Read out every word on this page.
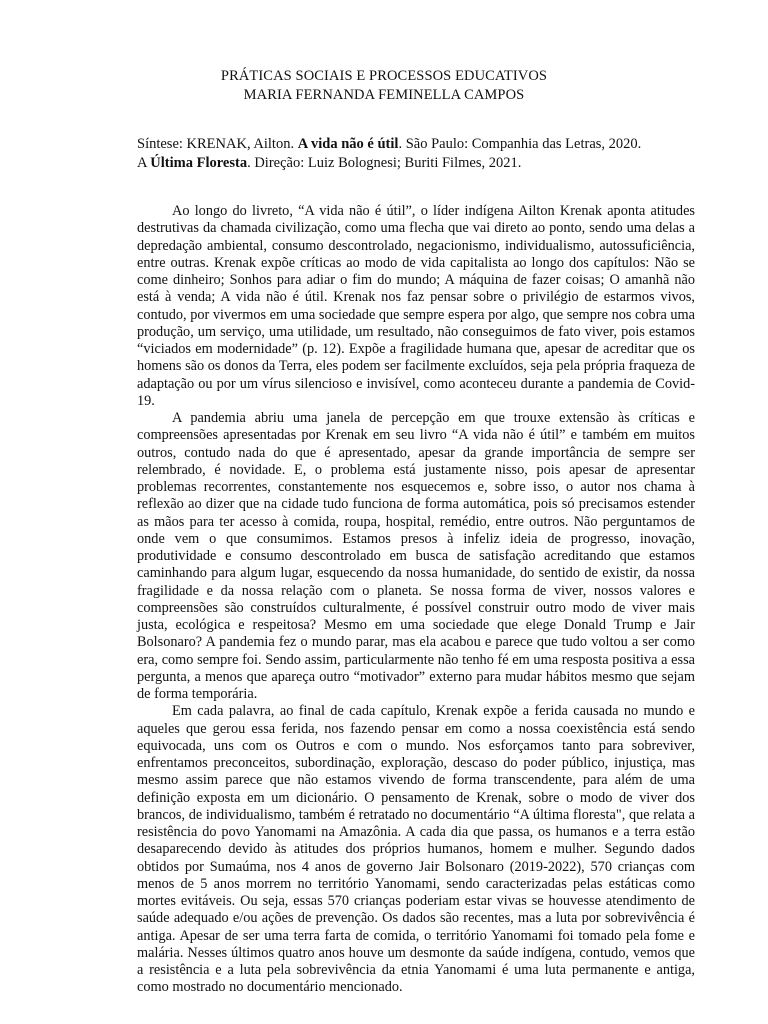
PRÁTICAS SOCIAIS E PROCESSOS EDUCATIVOS
MARIA FERNANDA FEMINELLA CAMPOS
Síntese: KRENAK, Ailton. A vida não é útil. São Paulo: Companhia das Letras, 2020.
A Última Floresta. Direção: Luiz Bolognesi; Buriti Filmes, 2021.

Ao longo do livreto, “A vida não é útil”, o líder indígena Ailton Krenak aponta atitudes destrutivas da chamada civilização, como uma flecha que vai direto ao ponto, sendo uma delas a depredação ambiental, consumo descontrolado, negacionismo, individualismo, autossuficiência, entre outras. Krenak expõe críticas ao modo de vida capitalista ao longo dos capítulos: Não se come dinheiro; Sonhos para adiar o fim do mundo; A máquina de fazer coisas; O amanhã não está à venda; A vida não é útil. Krenak nos faz pensar sobre o privilégio de estarmos vivos, contudo, por vivermos em uma sociedade que sempre espera por algo, que sempre nos cobra uma produção, um serviço, uma utilidade, um resultado, não conseguimos de fato viver, pois estamos “viciados em modernidade” (p. 12). Expõe a fragilidade humana que, apesar de acreditar que os homens são os donos da Terra, eles podem ser facilmente excluídos, seja pela própria fraqueza de adaptação ou por um vírus silencioso e invisível, como aconteceu durante a pandemia de Covid-19.

A pandemia abriu uma janela de percepção em que trouxe extensão às críticas e compreensões apresentadas por Krenak em seu livro “A vida não é útil” e também em muitos outros, contudo nada do que é apresentado, apesar da grande importância de sempre ser relembrado, é novidade. E, o problema está justamente nisso, pois apesar de apresentar problemas recorrentes, constantemente nos esquecemos e, sobre isso, o autor nos chama à reflexão ao dizer que na cidade tudo funciona de forma automática, pois só precisamos estender as mãos para ter acesso à comida, roupa, hospital, remédio, entre outros. Não perguntamos de onde vem o que consumimos. Estamos presos à infeliz ideia de progresso, inovação, produtividade e consumo descontrolado em busca de satisfação acreditando que estamos caminhando para algum lugar, esquecendo da nossa humanidade, do sentido de existir, da nossa fragilidade e da nossa relação com o planeta. Se nossa forma de viver, nossos valores e compreensões são construídos culturalmente, é possível construir outro modo de viver mais justa, ecológica e respeitosa? Mesmo em uma sociedade que elege Donald Trump e Jair Bolsonaro? A pandemia fez o mundo parar, mas ela acabou e parece que tudo voltou a ser como era, como sempre foi. Sendo assim, particularmente não tenho fé em uma resposta positiva a essa pergunta, a menos que apareça outro “motivador” externo para mudar hábitos mesmo que sejam de forma temporária.

Em cada palavra, ao final de cada capítulo, Krenak expõe a ferida causada no mundo e aqueles que gerou essa ferida, nos fazendo pensar em como a nossa coexistência está sendo equivocada, uns com os Outros e com o mundo. Nos esforçamos tanto para sobreviver, enfrentamos preconceitos, subordinação, exploração, descaso do poder público, injustiça, mas mesmo assim parece que não estamos vivendo de forma transcendente, para além de uma definição exposta em um dicionário. O pensamento de Krenak, sobre o modo de viver dos brancos, de individualismo, também é retratado no documentário “A última floresta", que relata a resistência do povo Yanomami na Amazônia. A cada dia que passa, os humanos e a terra estão desaparecendo devido às atitudes dos próprios humanos, homem e mulher. Segundo dados obtidos por Sumaúma, nos 4 anos de governo Jair Bolsonaro (2019-2022), 570 crianças com menos de 5 anos morrem no território Yanomami, sendo caracterizadas pelas estáticas como mortes evitáveis. Ou seja, essas 570 crianças poderiam estar vivas se houvesse atendimento de saúde adequado e/ou ações de prevenção. Os dados são recentes, mas a luta por sobrevivência é antiga. Apesar de ser uma terra farta de comida, o território Yanomami foi tomado pela fome e malária. Nesses últimos quatro anos houve um desmonte da saúde indígena, contudo, vemos que a resistência e a luta pela sobrevivência da etnia Yanomami é uma luta permanente e antiga, como mostrado no documentário mencionado.
